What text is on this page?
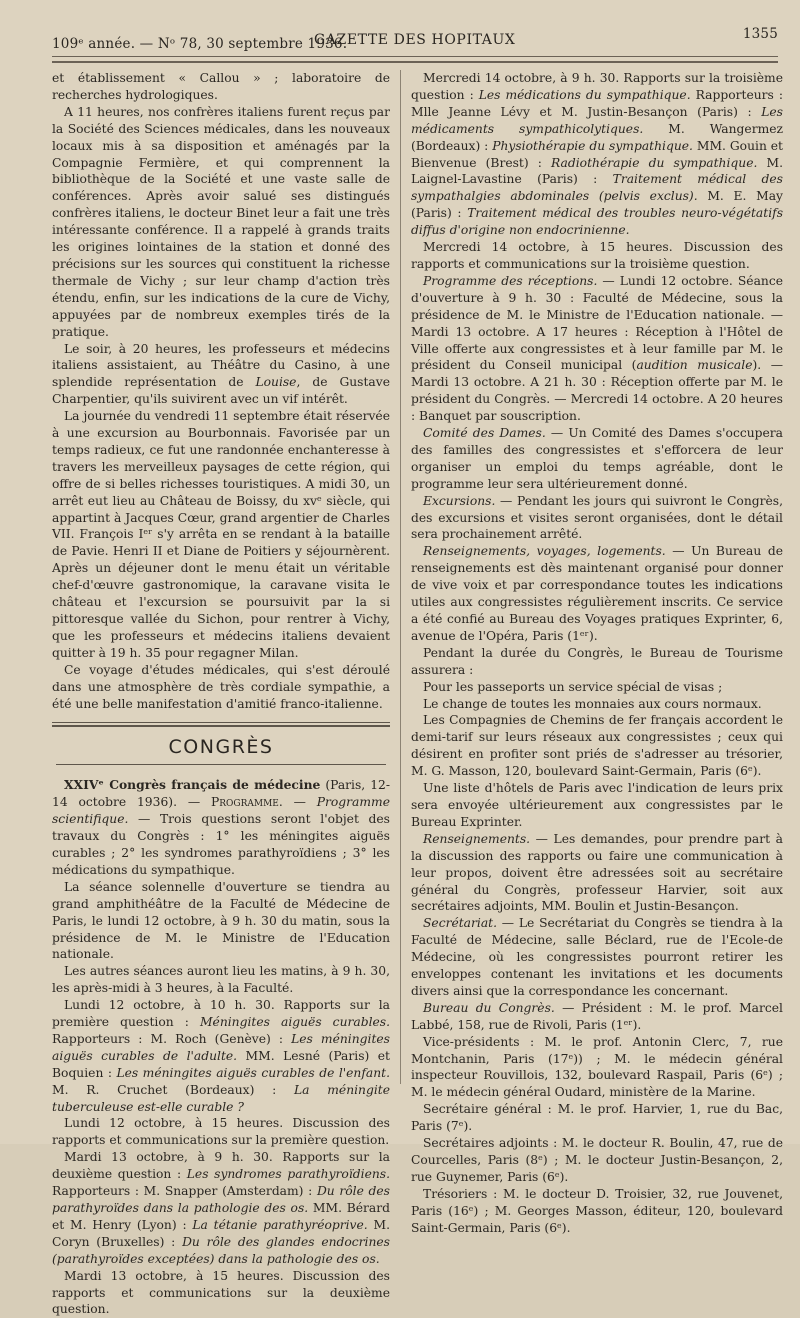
109ᵉ année. — Nᵒ 78, 30 septembre 1936.
GAZETTE DES HOPITAUX	1355

et établissement « Callou » ; laboratoire de recherches hydrologiques.

A 11 heures, nos confrères italiens furent reçus par la Société des Sciences médicales, dans les nouveaux locaux mis à sa disposition et aménagés par la Compagnie Fermière, et qui comprennent la bibliothèque de la Société et une vaste salle de conférences. Après avoir salué ses distingués confrères italiens, le docteur Binet leur a fait une très intéressante conférence. Il a rappelé à grands traits les origines lointaines de la station et donné des précisions sur les sources qui constituent la richesse thermale de Vichy ; sur leur champ d'action très étendu, enfin, sur les indications de la cure de Vichy, appuyées par de nombreux exemples tirés de la pratique.

Le soir, à 20 heures, les professeurs et médecins italiens assistaient, au Théâtre du Casino, à une splendide représentation de Louise, de Gustave Charpentier, qu'ils suivirent avec un vif intérêt.

La journée du vendredi 11 septembre était réservée à une excursion au Bourbonnais. Favorisée par un temps radieux, ce fut une randonnée enchanteresse à travers les merveilleux paysages de cette région, qui offre de si belles richesses touristiques. A midi 30, un arrêt eut lieu au Château de Boissy, du xvᵉ siècle, qui appartint à Jacques Cœur, grand argentier de Charles VII. François Iᵉʳ s'y arrêta en se rendant à la bataille de Pavie. Henri II et Diane de Poitiers y séjournèrent. Après un déjeuner dont le menu était un véritable chef-d'œuvre gastronomique, la caravane visita le château et l'excursion se poursuivit par la si pittoresque vallée du Sichon, pour rentrer à Vichy, que les professeurs et médecins italiens devaient quitter à 19 h. 35 pour regagner Milan.

Ce voyage d'études médicales, qui s'est déroulé dans une atmosphère de très cordiale sympathie, a été une belle manifestation d'amitié franco-italienne.

CONGRÈS

XXIVᵉ Congrès français de médecine (Paris, 12-14 octobre 1936). — Programme. — Programme scientifique. — Trois questions seront l'objet des travaux du Congrès : 1° les méningites aiguës curables ; 2° les syndromes parathyroïdiens ; 3° les médications du sympathique.

La séance solennelle d'ouverture se tiendra au grand amphithéâtre de la Faculté de Médecine de Paris, le lundi 12 octobre, à 9 h. 30 du matin, sous la présidence de M. le Ministre de l'Education nationale.

Les autres séances auront lieu les matins, à 9 h. 30, les après-midi à 3 heures, à la Faculté.

Lundi 12 octobre, à 10 h. 30. Rapports sur la première question : Méningites aiguës curables. Rapporteurs : M. Roch (Genève) : Les méningites aiguës curables de l'adulte. MM. Lesné (Paris) et Boquien : Les méningites aiguës curables de l'enfant. M. R. Cruchet (Bordeaux) : La méningite tuberculeuse est-elle curable ?

Lundi 12 octobre, à 15 heures. Discussion des rapports et communications sur la première question.

Mardi 13 octobre, à 9 h. 30. Rapports sur la deuxième question : Les syndromes parathyroïdiens. Rapporteurs : M. Snapper (Amsterdam) : Du rôle des parathyroïdes dans la pathologie des os. MM. Bérard et M. Henry (Lyon) : La tétanie parathyréoprive. M. Coryn (Bruxelles) : Du rôle des glandes endocrines (parathyroïdes exceptées) dans la pathologie des os.

Mardi 13 octobre, à 15 heures. Discussion des rapports et communications sur la deuxième question.

Mercredi 14 octobre, à 9 h. 30. Rapports sur la troisième question : Les médications du sympathique. Rapporteurs : Mlle Jeanne Lévy et M. Justin-Besançon (Paris) : Les médicaments sympathicolytiques. M. Wangermez (Bordeaux) : Physiothérapie du sympathique. MM. Gouin et Bienvenue (Brest) : Radiothérapie du sympathique. M. Laignel-Lavastine (Paris) : Traitement médical des sympathalgies abdominales (pelvis exclus). M. E. May (Paris) : Traitement médical des troubles neuro-végétatifs diffus d'origine non endocrinienne.

Mercredi 14 octobre, à 15 heures. Discussion des rapports et communications sur la troisième question.

Programme des réceptions. — Lundi 12 octobre. Séance d'ouverture à 9 h. 30 : Faculté de Médecine, sous la présidence de M. le Ministre de l'Education nationale. — Mardi 13 octobre. A 17 heures : Réception à l'Hôtel de Ville offerte aux congressistes et à leur famille par M. le président du Conseil municipal (audition musicale). — Mardi 13 octobre. A 21 h. 30 : Réception offerte par M. le président du Congrès. — Mercredi 14 octobre. A 20 heures : Banquet par souscription.

Comité des Dames. — Un Comité des Dames s'occupera des familles des congressistes et s'efforcera de leur organiser un emploi du temps agréable, dont le programme leur sera ultérieurement donné.

Excursions. — Pendant les jours qui suivront le Congrès, des excursions et visites seront organisées, dont le détail sera prochainement arrêté.

Renseignements, voyages, logements. — Un Bureau de renseignements est dès maintenant organisé pour donner de vive voix et par correspondance toutes les indications utiles aux congressistes régulièrement inscrits. Ce service a été confié au Bureau des Voyages pratiques Exprinter, 6, avenue de l'Opéra, Paris (1ᵉʳ).

Pendant la durée du Congrès, le Bureau de Tourisme assurera :

Pour les passeports un service spécial de visas ;

Le change de toutes les monnaies aux cours normaux.

Les Compagnies de Chemins de fer français accordent le demi-tarif sur leurs réseaux aux congressistes ; ceux qui désirent en profiter sont priés de s'adresser au trésorier, M. G. Masson, 120, boulevard Saint-Germain, Paris (6ᵉ).

Une liste d'hôtels de Paris avec l'indication de leurs prix sera envoyée ultérieurement aux congressistes par le Bureau Exprinter.

Renseignements. — Les demandes, pour prendre part à la discussion des rapports ou faire une communication à leur propos, doivent être adressées soit au secrétaire général du Congrès, professeur Harvier, soit aux secrétaires adjoints, MM. Boulin et Justin-Besançon.

Secrétariat. — Le Secrétariat du Congrès se tiendra à la Faculté de Médecine, salle Béclard, rue de l'Ecole-de Médecine, où les congressistes pourront retirer les enveloppes contenant les invitations et les documents divers ainsi que la correspondance les concernant.

Bureau du Congrès. — Président : M. le prof. Marcel Labbé, 158, rue de Rivoli, Paris (1ᵉʳ).

Vice-présidents : M. le prof. Antonin Clerc, 7, rue Montchanin, Paris (17ᵉ)) ; M. le médecin général inspecteur Rouvillois, 132, boulevard Raspail, Paris (6ᵉ) ; M. le médecin général Oudard, ministère de la Marine.

Secrétaire général : M. le prof. Harvier, 1, rue du Bac, Paris (7ᵉ).

Secrétaires adjoints : M. le docteur R. Boulin, 47, rue de Courcelles, Paris (8ᵉ) ; M. le docteur Justin-Besançon, 2, rue Guynemer, Paris (6ᵉ).

Trésoriers : M. le docteur D. Troisier, 32, rue Jouvenet, Paris (16ᵉ) ; M. Georges Masson, éditeur, 120, boulevard Saint-Germain, Paris (6ᵉ).
